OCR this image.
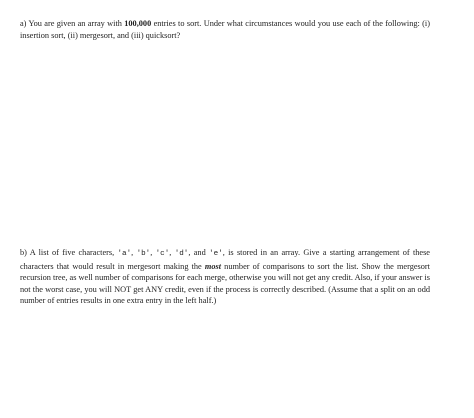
a) You are given an array with 100,000 entries to sort. Under what circumstances would you use each of the following: (i) insertion sort, (ii) mergesort, and (iii) quicksort?

b) A list of five characters, 'a', 'b', 'c', 'd', and 'e', is stored in an array. Give a starting arrangement of these characters that would result in mergesort making the most number of comparisons to sort the list. Show the mergesort recursion tree, as well number of comparisons for each merge, otherwise you will not get any credit. Also, if your answer is not the worst case, you will NOT get ANY credit, even if the process is correctly described. (Assume that a split on an odd number of entries results in one extra entry in the left half.)
